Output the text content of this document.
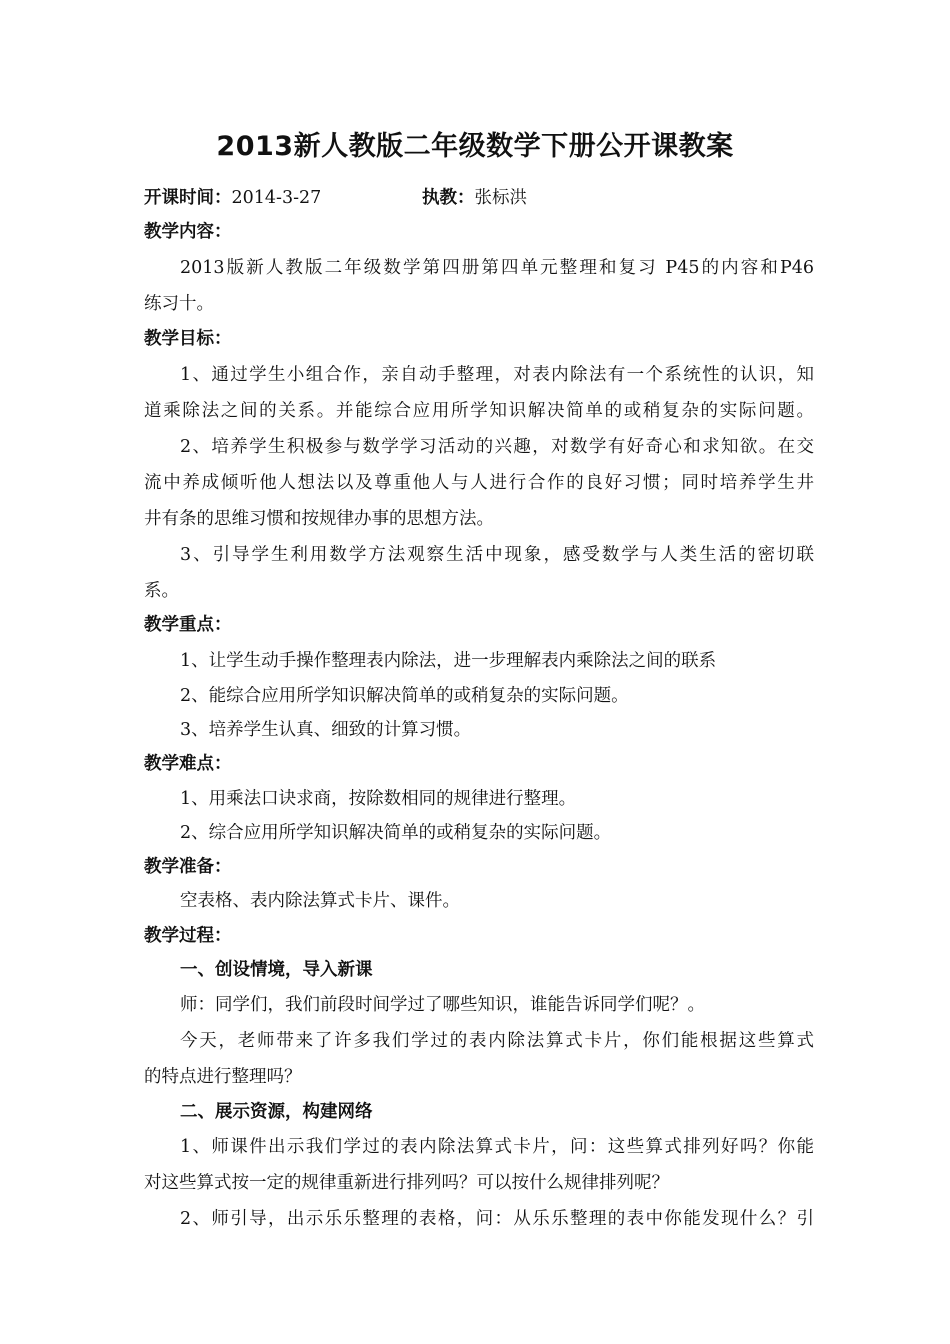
2013新人教版二年级数学下册公开课教案
开课时间：2014-3-27	执教：张标洪
教学内容：
2013版新人教版二年级数学第四册第四单元整理和复习 P45的内容和P46
练习十。
教学目标：
1、通过学生小组合作，亲自动手整理，对表内除法有一个系统性的认识，知
道乘除法之间的关系。并能综合应用所学知识解决简单的或稍复杂的实际问题。
2、培养学生积极参与数学学习活动的兴趣，对数学有好奇心和求知欲。在交
流中养成倾听他人想法以及尊重他人与人进行合作的良好习惯；同时培养学生井
井有条的思维习惯和按规律办事的思想方法。
3、引导学生利用数学方法观察生活中现象，感受数学与人类生活的密切联
系。
教学重点：
1、让学生动手操作整理表内除法，进一步理解表内乘除法之间的联系
2、能综合应用所学知识解决简单的或稍复杂的实际问题。
3、培养学生认真、细致的计算习惯。
教学难点：
1、用乘法口诀求商，按除数相同的规律进行整理。
2、综合应用所学知识解决简单的或稍复杂的实际问题。
教学准备：
空表格、表内除法算式卡片、课件。
教学过程：
一、创设情境，导入新课
师：同学们，我们前段时间学过了哪些知识，谁能告诉同学们呢？。
今天，老师带来了许多我们学过的表内除法算式卡片，你们能根据这些算式
的特点进行整理吗？
二、展示资源，构建网络
1、师课件出示我们学过的表内除法算式卡片，问：这些算式排列好吗？你能
对这些算式按一定的规律重新进行排列吗？可以按什么规律排列呢？
2、师引导，出示乐乐整理的表格，问：从乐乐整理的表中你能发现什么？引
